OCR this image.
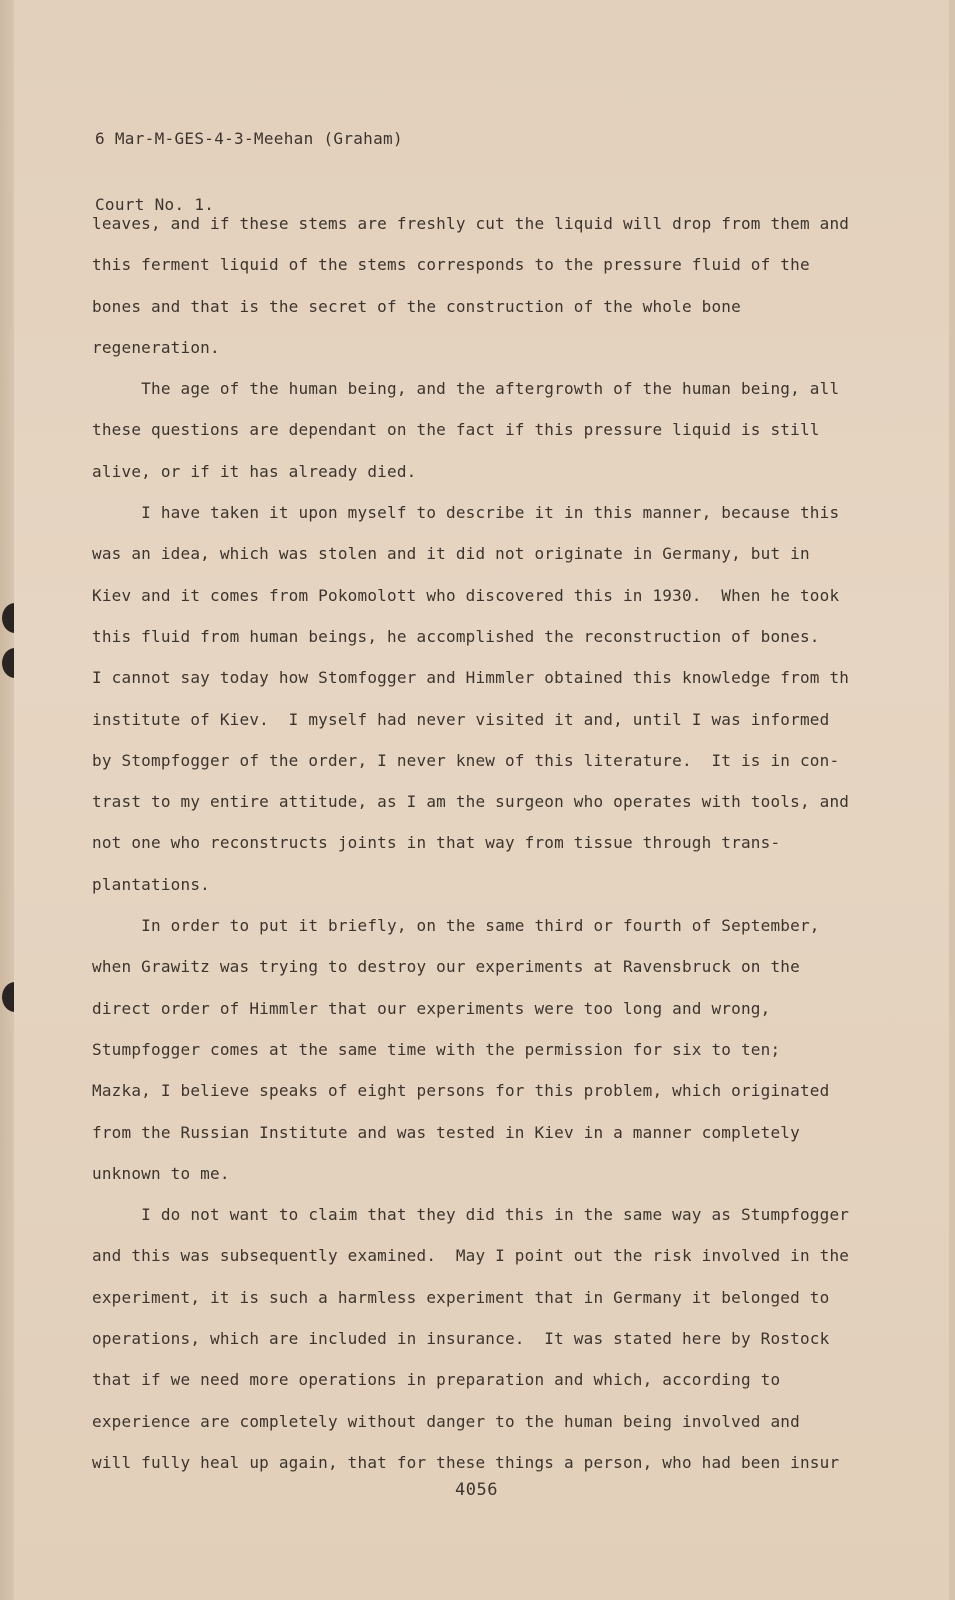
6 Mar-M-GES-4-3-Meehan (Graham)

Court No. 1.

leaves, and if these stems are freshly cut the liquid will drop from them and
this ferment liquid of the stems corresponds to the pressure fluid of the
bones and that is the secret of the construction of the whole bone
regeneration.
The age of the human being, and the aftergrowth of the human being, all
these questions are dependant on the fact if this pressure liquid is still
alive, or if it has already died.
I have taken it upon myself to describe it in this manner, because this
was an idea, which was stolen and it did not originate in Germany, but in
Kiev and it comes from Pokomolott who discovered this in 1930.  When he took
this fluid from human beings, he accomplished the reconstruction of bones.
I cannot say today how Stomfogger and Himmler obtained this knowledge from th
institute of Kiev.  I myself had never visited it and, until I was informed
by Stompfogger of the order, I never knew of this literature.  It is in con-
trast to my entire attitude, as I am the surgeon who operates with tools, and
not one who reconstructs joints in that way from tissue through trans-
plantations.
In order to put it briefly, on the same third or fourth of September,
when Grawitz was trying to destroy our experiments at Ravensbruck on the
direct order of Himmler that our experiments were too long and wrong,
Stumpfogger comes at the same time with the permission for six to ten;
Mazka, I believe speaks of eight persons for this problem, which originated
from the Russian Institute and was tested in Kiev in a manner completely
unknown to me.
I do not want to claim that they did this in the same way as Stumpfogger
and this was subsequently examined.  May I point out the risk involved in the
experiment, it is such a harmless experiment that in Germany it belonged to
operations, which are included in insurance.  It was stated here by Rostock
that if we need more operations in preparation and which, according to
experience are completely without danger to the human being involved and
will fully heal up again, that for these things a person, who had been insur
4056
